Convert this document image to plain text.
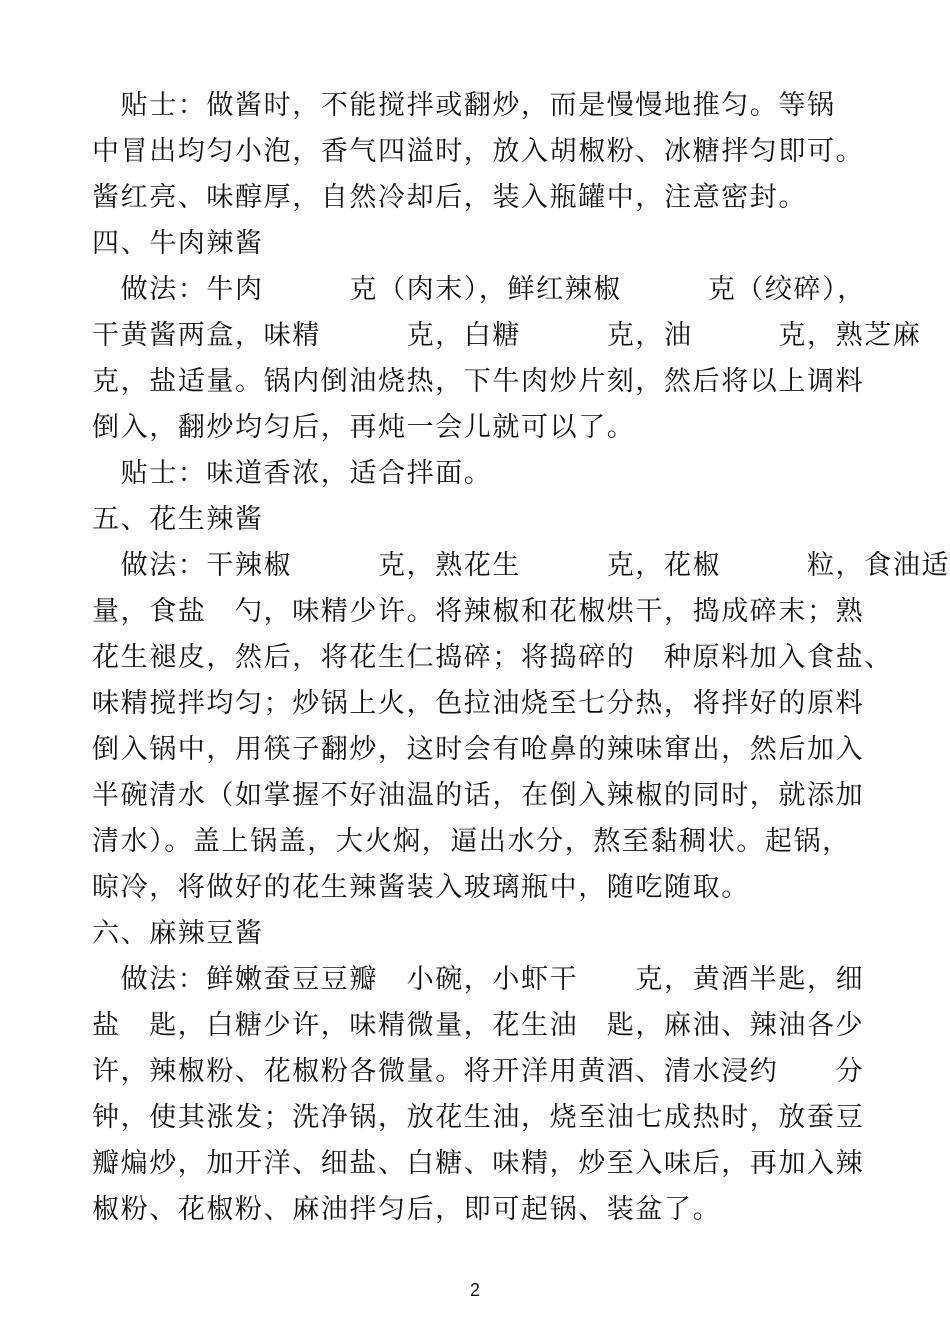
　贴士：做酱时，不能搅拌或翻炒，而是慢慢地推匀。等锅
中冒出均匀小泡，香气四溢时，放入胡椒粉、冰糖拌匀即可。
酱红亮、味醇厚，自然冷却后，装入瓶罐中，注意密封。
四、牛肉辣酱
　做法：牛肉　　　克（肉末），鲜红辣椒　　　克（绞碎），
干黄酱两盒，味精　　　克，白糖　　　克，油　　　克，熟芝麻
克，盐适量。锅内倒油烧热，下牛肉炒片刻，然后将以上调料
倒入，翻炒均匀后，再炖一会儿就可以了。
　贴士：味道香浓，适合拌面。
五、花生辣酱
　做法：干辣椒　　　克，熟花生　　　克，花椒　　　粒，食油适
量，食盐　勺，味精少许。将辣椒和花椒烘干，捣成碎末；熟
花生褪皮，然后，将花生仁捣碎；将捣碎的　种原料加入食盐、
味精搅拌均匀；炒锅上火，色拉油烧至七分热，将拌好的原料
倒入锅中，用筷子翻炒，这时会有呛鼻的辣味窜出，然后加入
半碗清水（如掌握不好油温的话，在倒入辣椒的同时，就添加
清水）。盖上锅盖，大火焖，逼出水分，熬至黏稠状。起锅，
晾冷，将做好的花生辣酱装入玻璃瓶中，随吃随取。
六、麻辣豆酱
　做法：鲜嫩蚕豆豆瓣　小碗，小虾干　　克，黄酒半匙，细
盐　匙，白糖少许，味精微量，花生油　匙，麻油、辣油各少
许，辣椒粉、花椒粉各微量。将开洋用黄酒、清水浸约　　分
钟，使其涨发；洗净锅，放花生油，烧至油七成热时，放蚕豆
瓣煸炒，加开洋、细盐、白糖、味精，炒至入味后，再加入辣
椒粉、花椒粉、麻油拌匀后，即可起锅、装盆了。
2
